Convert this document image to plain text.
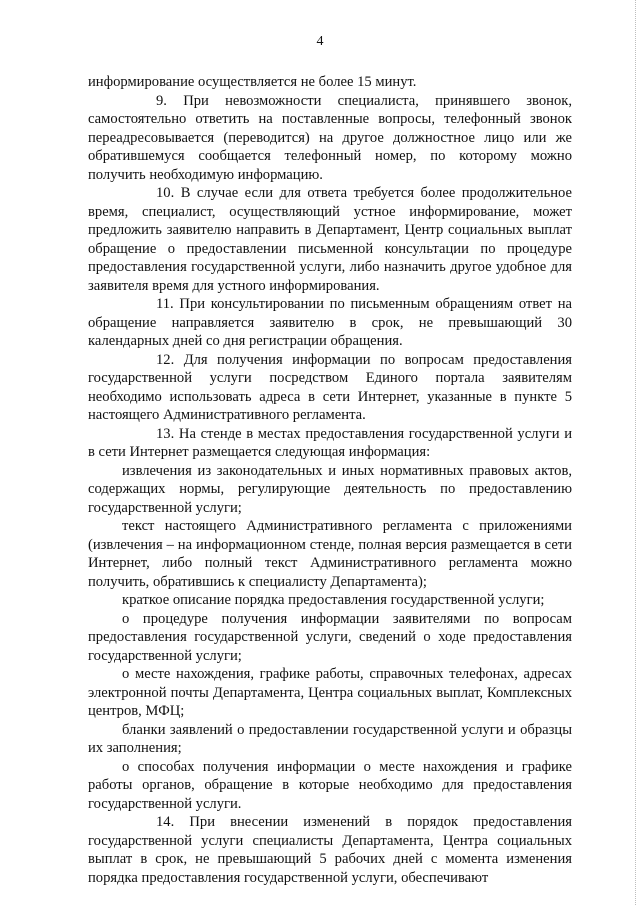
4

информирование осуществляется не более 15 минут.

9. При невозможности специалиста, принявшего звонок, самостоятельно ответить на поставленные вопросы, телефонный звонок переадресовывается (переводится) на другое должностное лицо или же обратившемуся сообщается телефонный номер, по которому можно получить необходимую информацию.

10. В случае если для ответа требуется более продолжительное время, специалист, осуществляющий устное информирование, может предложить заявителю направить в Департамент, Центр социальных выплат обращение о предоставлении письменной консультации по процедуре предоставления государственной услуги, либо назначить другое удобное для заявителя время для устного информирования.

11. При консультировании по письменным обращениям ответ на обращение направляется заявителю в срок, не превышающий 30 календарных дней со дня регистрации обращения.

12. Для получения информации по вопросам предоставления государственной услуги посредством Единого портала заявителям необходимо использовать адреса в сети Интернет, указанные в пункте 5 настоящего Административного регламента.

13. На стенде в местах предоставления государственной услуги и в сети Интернет размещается следующая информация:

извлечения из законодательных и иных нормативных правовых актов, содержащих нормы, регулирующие деятельность по предоставлению государственной услуги;

текст настоящего Административного регламента с приложениями (извлечения – на информационном стенде, полная версия размещается в сети Интернет, либо полный текст Административного регламента можно получить, обратившись к специалисту Департамента);

краткое описание порядка предоставления государственной услуги;

о процедуре получения информации заявителями по вопросам предоставления государственной услуги, сведений о ходе предоставления государственной услуги;

о месте нахождения, графике работы, справочных телефонах, адресах электронной почты Департамента, Центра социальных выплат, Комплексных центров, МФЦ;

бланки заявлений о предоставлении государственной услуги и образцы их заполнения;

о способах получения информации о месте нахождения и графике работы органов, обращение в которые необходимо для предоставления государственной услуги.

14. При внесении изменений в порядок предоставления государственной услуги специалисты Департамента, Центра социальных выплат в срок, не превышающий 5 рабочих дней с момента изменения порядка предоставления государственной услуги, обеспечивают
